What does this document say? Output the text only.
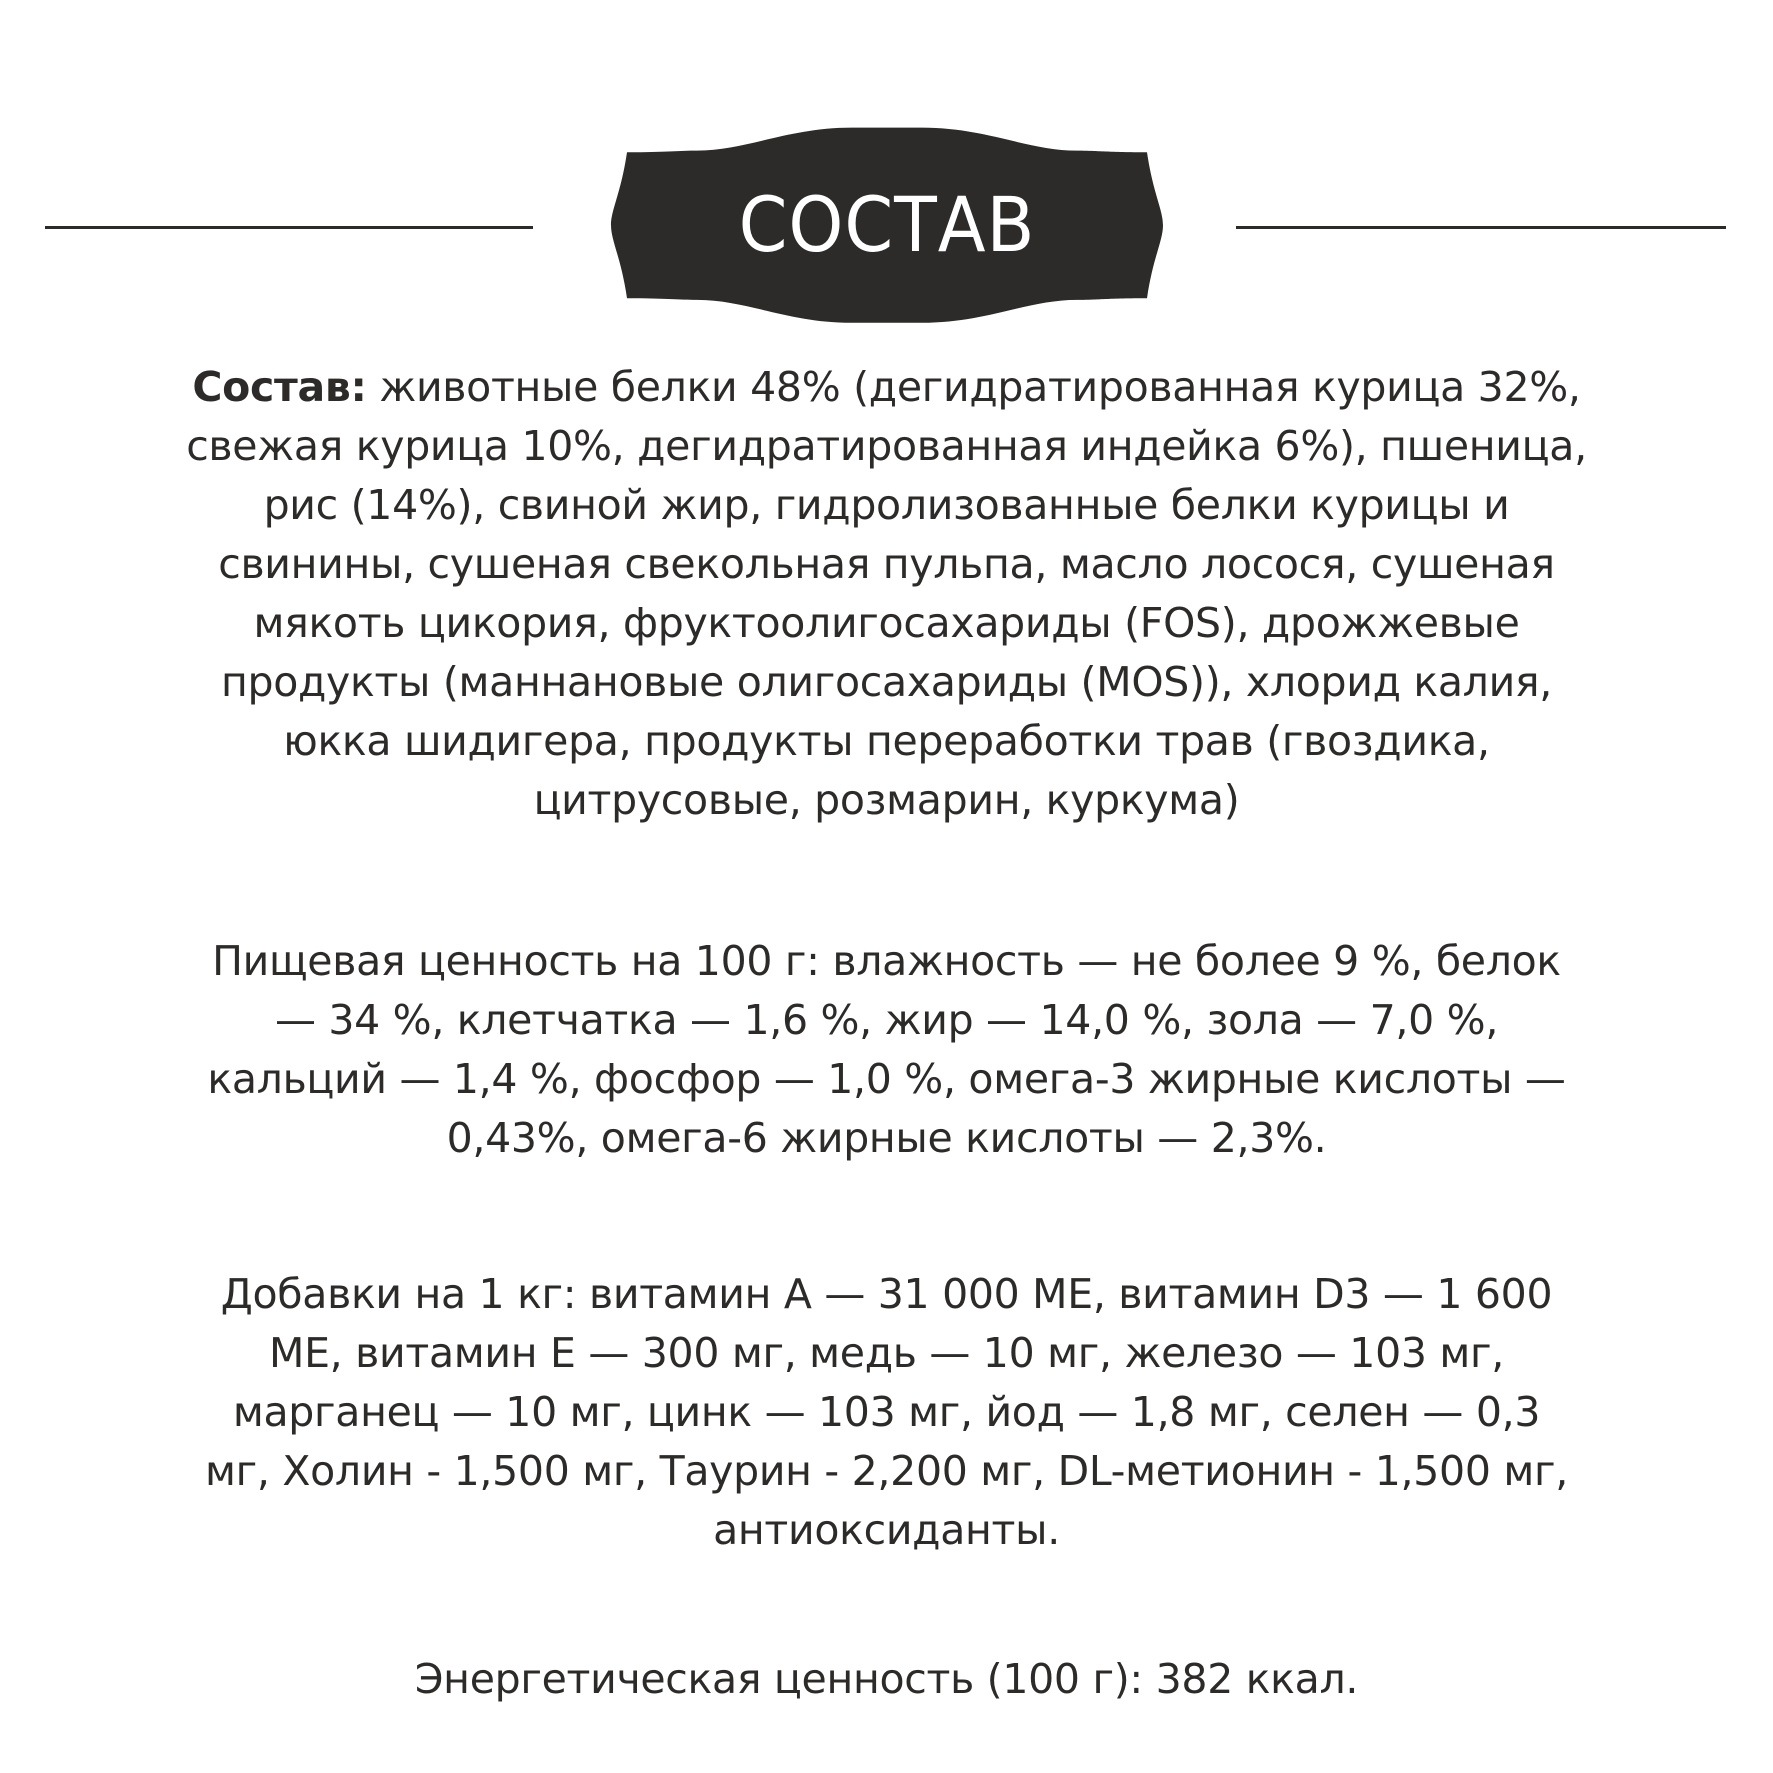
СОСТАВ
Состав: животные белки 48% (дегидратированная курица 32%,
свежая курица 10%, дегидратированная индейка 6%), пшеница,
рис (14%), свиной жир, гидролизованные белки курицы и
свинины, сушеная свекольная пульпа, масло лосося, сушеная
мякоть цикория, фруктоолигосахариды (FOS), дрожжевые
продукты (маннановые олигосахариды (MOS)), хлорид калия,
юкка шидигера, продукты переработки трав (гвоздика,
цитрусовые, розмарин, куркума)
Пищевая ценность на 100 г: влажность — не более 9 %, белок
— 34 %, клетчатка — 1,6 %, жир — 14,0 %, зола — 7,0 %,
кальций — 1,4 %, фосфор — 1,0 %, омега-3 жирные кислоты —
0,43%, омега-6 жирные кислоты — 2,3%.
Добавки на 1 кг: витамин A — 31 000 МЕ, витамин D3 — 1 600
МЕ, витамин E — 300 мг, медь — 10 мг, железо — 103 мг,
марганец — 10 мг, цинк — 103 мг, йод — 1,8 мг, селен — 0,3
мг, Холин - 1,500 мг, Таурин - 2,200 мг, DL-метионин - 1,500 мг,
антиоксиданты.
Энергетическая ценность (100 г): 382 ккал.
